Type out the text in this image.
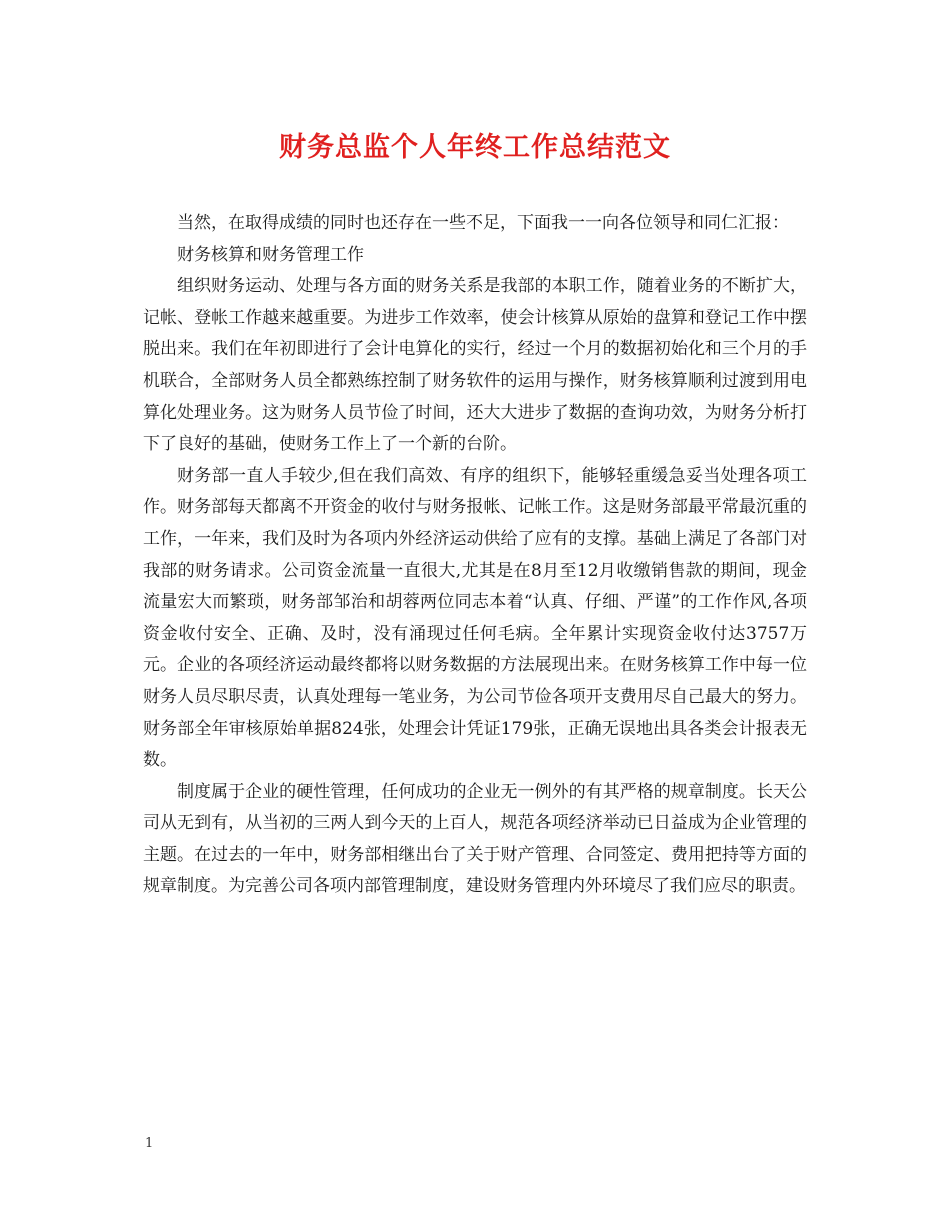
财务总监个人年终工作总结范文

当然，在取得成绩的同时也还存在一些不足，下面我一一向各位领导和同仁汇报：

财务核算和财务管理工作

组织财务运动、处理与各方面的财务关系是我部的本职工作，随着业务的不断扩大，记帐、登帐工作越来越重要。为进步工作效率，使会计核算从原始的盘算和登记工作中摆脱出来。我们在年初即进行了会计电算化的实行，经过一个月的数据初始化和三个月的手机联合，全部财务人员全都熟练控制了财务软件的运用与操作，财务核算顺利过渡到用电算化处理业务。这为财务人员节俭了时间，还大大进步了数据的查询功效，为财务分析打下了良好的基础，使财务工作上了一个新的台阶。

财务部一直人手较少,但在我们高效、有序的组织下，能够轻重缓急妥当处理各项工作。财务部每天都离不开资金的收付与财务报帐、记帐工作。这是财务部最平常最沉重的工作，一年来，我们及时为各项内外经济运动供给了应有的支撑。基础上满足了各部门对我部的财务请求。公司资金流量一直很大,尤其是在8月至12月收缴销售款的期间，现金流量宏大而繁琐，财务部邹治和胡蓉两位同志本着“认真、仔细、严谨”的工作作风,各项资金收付安全、正确、及时，没有涌现过任何毛病。全年累计实现资金收付达3757万元。企业的各项经济运动最终都将以财务数据的方法展现出来。在财务核算工作中每一位财务人员尽职尽责，认真处理每一笔业务，为公司节俭各项开支费用尽自己最大的努力。财务部全年审核原始单据824张，处理会计凭证179张，正确无误地出具各类会计报表无数。

制度属于企业的硬性管理，任何成功的企业无一例外的有其严格的规章制度。长天公司从无到有，从当初的三两人到今天的上百人，规范各项经济举动已日益成为企业管理的主题。在过去的一年中，财务部相继出台了关于财产管理、合同签定、费用把持等方面的规章制度。为完善公司各项内部管理制度，建设财务管理内外环境尽了我们应尽的职责。

1
